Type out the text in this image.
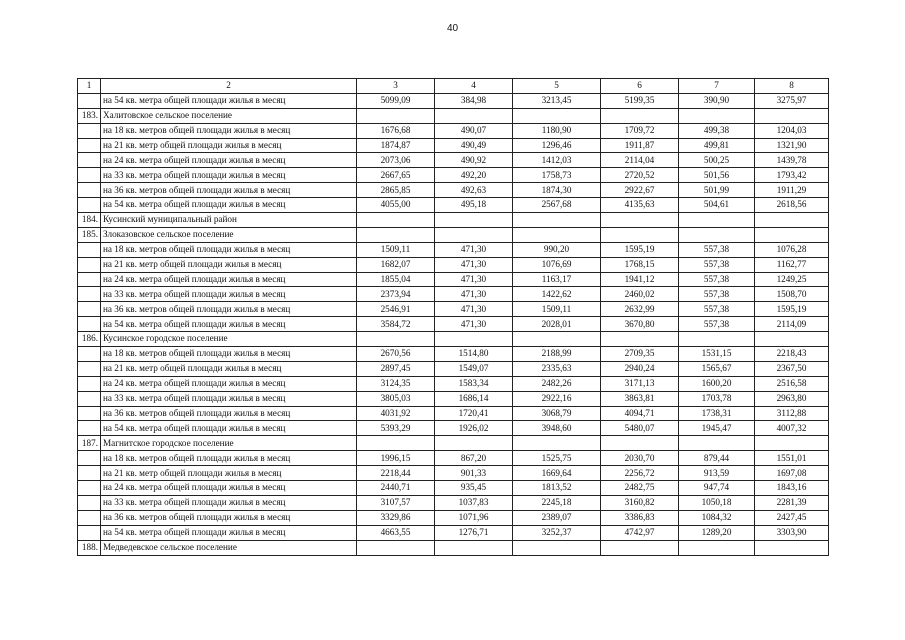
40
1	2	3	4	5	6	7	8
	на 54 кв. метра общей площади жилья в месяц	5099,09	384,98	3213,45	5199,35	390,90	3275,97
183.	Халитовское сельское поселение						
	на 18 кв. метров общей площади жилья в месяц	1676,68	490,07	1180,90	1709,72	499,38	1204,03
	на 21 кв. метр общей площади жилья в месяц	1874,87	490,49	1296,46	1911,87	499,81	1321,90
	на 24 кв. метра общей площади жилья в месяц	2073,06	490,92	1412,03	2114,04	500,25	1439,78
	на 33 кв. метра общей площади жилья в месяц	2667,65	492,20	1758,73	2720,52	501,56	1793,42
	на 36 кв. метров общей площади жилья в месяц	2865,85	492,63	1874,30	2922,67	501,99	1911,29
	на 54 кв. метра общей площади жилья в месяц	4055,00	495,18	2567,68	4135,63	504,61	2618,56
184.	Кусинский муниципальный район						
185.	Злоказовское сельское поселение						
	на 18 кв. метров общей площади жилья в месяц	1509,11	471,30	990,20	1595,19	557,38	1076,28
	на 21 кв. метр общей площади жилья в месяц	1682,07	471,30	1076,69	1768,15	557,38	1162,77
	на 24 кв. метра общей площади жилья в месяц	1855,04	471,30	1163,17	1941,12	557,38	1249,25
	на 33 кв. метра общей площади жилья в месяц	2373,94	471,30	1422,62	2460,02	557,38	1508,70
	на 36 кв. метров общей площади жилья в месяц	2546,91	471,30	1509,11	2632,99	557,38	1595,19
	на 54 кв. метра общей площади жилья в месяц	3584,72	471,30	2028,01	3670,80	557,38	2114,09
186.	Кусинское городское поселение						
	на 18 кв. метров общей площади жилья в месяц	2670,56	1514,80	2188,99	2709,35	1531,15	2218,43
	на 21 кв. метр общей площади жилья в месяц	2897,45	1549,07	2335,63	2940,24	1565,67	2367,50
	на 24 кв. метра общей площади жилья в месяц	3124,35	1583,34	2482,26	3171,13	1600,20	2516,58
	на 33 кв. метра общей площади жилья в месяц	3805,03	1686,14	2922,16	3863,81	1703,78	2963,80
	на 36 кв. метров общей площади жилья в месяц	4031,92	1720,41	3068,79	4094,71	1738,31	3112,88
	на 54 кв. метра общей площади жилья в месяц	5393,29	1926,02	3948,60	5480,07	1945,47	4007,32
187.	Магнитское городское поселение						
	на 18 кв. метров общей площади жилья в месяц	1996,15	867,20	1525,75	2030,70	879,44	1551,01
	на 21 кв. метр общей площади жилья в месяц	2218,44	901,33	1669,64	2256,72	913,59	1697,08
	на 24 кв. метра общей площади жилья в месяц	2440,71	935,45	1813,52	2482,75	947,74	1843,16
	на 33 кв. метра общей площади жилья в месяц	3107,57	1037,83	2245,18	3160,82	1050,18	2281,39
	на 36 кв. метров общей площади жилья в месяц	3329,86	1071,96	2389,07	3386,83	1084,32	2427,45
	на 54 кв. метра общей площади жилья в месяц	4663,55	1276,71	3252,37	4742,97	1289,20	3303,90
188.	Медведевское сельское поселение						
